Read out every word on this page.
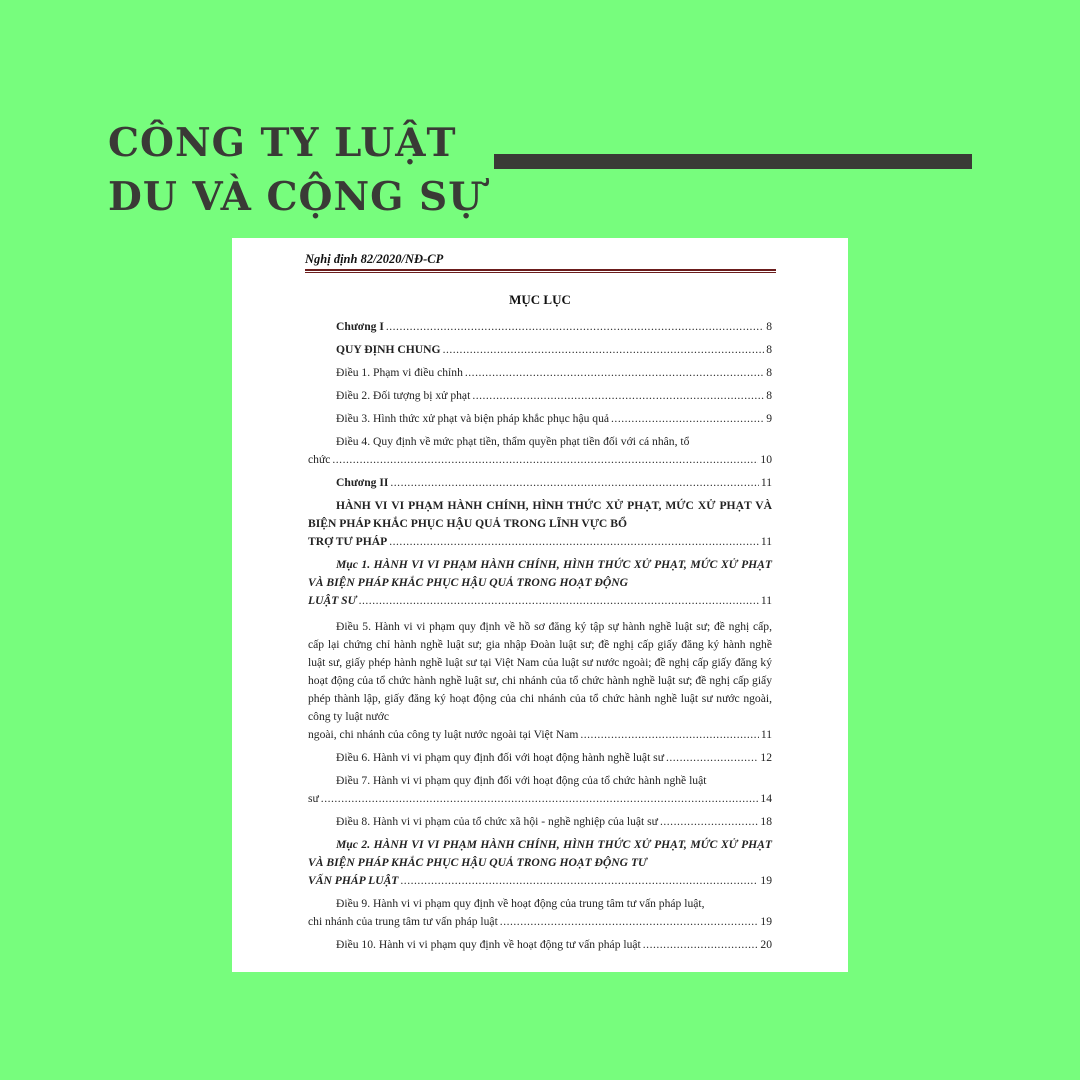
CÔNG TY LUẬT
DU VÀ CỘNG SỰ
Nghị định 82/2020/NĐ-CP
MỤC LỤC
Chương I .....	8
QUY ĐỊNH CHUNG .....	8
Điều 1. Phạm vi điều chỉnh .....	8
Điều 2. Đối tượng bị xử phạt .....	8
Điều 3. Hình thức xử phạt và biện pháp khắc phục hậu quả .....	9
Điều 4. Quy định về mức phạt tiền, thẩm quyền phạt tiền đối với cá nhân, tổ
chức .....	10
Chương II .....	11
HÀNH VI VI PHẠM HÀNH CHÍNH, HÌNH THỨC XỬ PHẠT, MỨC XỬ PHẠT VÀ BIỆN PHÁP KHẮC PHỤC HẬU QUẢ TRONG LĨNH VỰC BỔ
TRỢ TƯ PHÁP .....	11
Mục 1. HÀNH VI VI PHẠM HÀNH CHÍNH, HÌNH THỨC XỬ PHẠT, MỨC XỬ PHẠT VÀ BIỆN PHÁP KHẮC PHỤC HẬU QUẢ TRONG HOẠT ĐỘNG
LUẬT SƯ .....	11
Điều 5. Hành vi vi phạm quy định về hồ sơ đăng ký tập sự hành nghề luật sư; đề nghị cấp, cấp lại chứng chỉ hành nghề luật sư; gia nhập Đoàn luật sư; đề nghị cấp giấy đăng ký hành nghề luật sư, giấy phép hành nghề luật sư tại Việt Nam của luật sư nước ngoài; đề nghị cấp giấy đăng ký hoạt động của tổ chức hành nghề luật sư, chi nhánh của tổ chức hành nghề luật sư; đề nghị cấp giấy phép thành lập, giấy đăng ký hoạt động của chi nhánh của tổ chức hành nghề luật sư nước ngoài, công ty luật nước
ngoài, chi nhánh của công ty luật nước ngoài tại Việt Nam .....	11
Điều 6. Hành vi vi phạm quy định đối với hoạt động hành nghề luật sư .....	12
Điều 7. Hành vi vi phạm quy định đối với hoạt động của tổ chức hành nghề luật
sư .....	14
Điều 8. Hành vi vi phạm của tổ chức xã hội - nghề nghiệp của luật sư .....	18
Mục 2. HÀNH VI VI PHẠM HÀNH CHÍNH, HÌNH THỨC XỬ PHẠT, MỨC XỬ PHẠT VÀ BIỆN PHÁP KHẮC PHỤC HẬU QUẢ TRONG HOẠT ĐỘNG TƯ
VẤN PHÁP LUẬT .....	19
Điều 9. Hành vi vi phạm quy định về hoạt động của trung tâm tư vấn pháp luật,
chi nhánh của trung tâm tư vấn pháp luật .....	19
Điều 10. Hành vi vi phạm quy định về hoạt động tư vấn pháp luật .....	20
